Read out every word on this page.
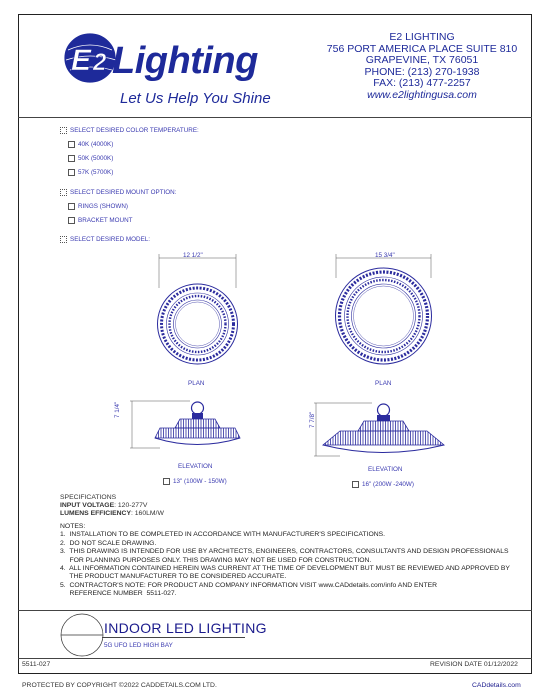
E 2 Lighting
Let Us Help You Shine
E2 LIGHTING
756 PORT AMERICA PLACE SUITE 810
GRAPEVINE, TX 76051
PHONE: (213) 270-1938
FAX: (213) 477-2257
www.e2lightingusa.com
SELECT DESIRED COLOR TEMPERATURE:
40K (4000K)
50K (5000K)
57K (5700K)
SELECT DESIRED MOUNT OPTION:
RINGS (SHOWN)
BRACKET MOUNT
SELECT DESIRED MODEL:
12 1/2"
PLAN
7 1/4"
ELEVATION
13" (100W - 150W)
15 3/4"
PLAN
7 7/8"
ELEVATION
16" (200W -240W)
SPECIFICATIONS
INPUT VOLTAGE: 120-277V
LUMENS EFFICIENCY: 160LM/W
NOTES:
1.  INSTALLATION TO BE COMPLETED IN ACCORDANCE WITH MANUFACTURER'S SPECIFICATIONS.
2.  DO NOT SCALE DRAWING.
3.  THIS DRAWING IS INTENDED FOR USE BY ARCHITECTS, ENGINEERS, CONTRACTORS, CONSULTANTS AND DESIGN PROFESSIONALS
FOR PLANNING PURPOSES ONLY. THIS DRAWING MAY NOT BE USED FOR CONSTRUCTION.
4.  ALL INFORMATION CONTAINED HEREIN WAS CURRENT AT THE TIME OF DEVELOPMENT BUT MUST BE REVIEWED AND APPROVED BY
THE PRODUCT MANUFACTURER TO BE CONSIDERED ACCURATE.
5.  CONTRACTOR'S NOTE: FOR PRODUCT AND COMPANY INFORMATION VISIT www.CADdetails.com/info AND ENTER
REFERENCE NUMBER  5511-027.
INDOOR LED LIGHTING
5G UFO LED HIGH BAY
5511-027	REVISION DATE 01/12/2022
PROTECTED BY COPYRIGHT ©2022 CADDETAILS.COM LTD.	CADdetails.com
